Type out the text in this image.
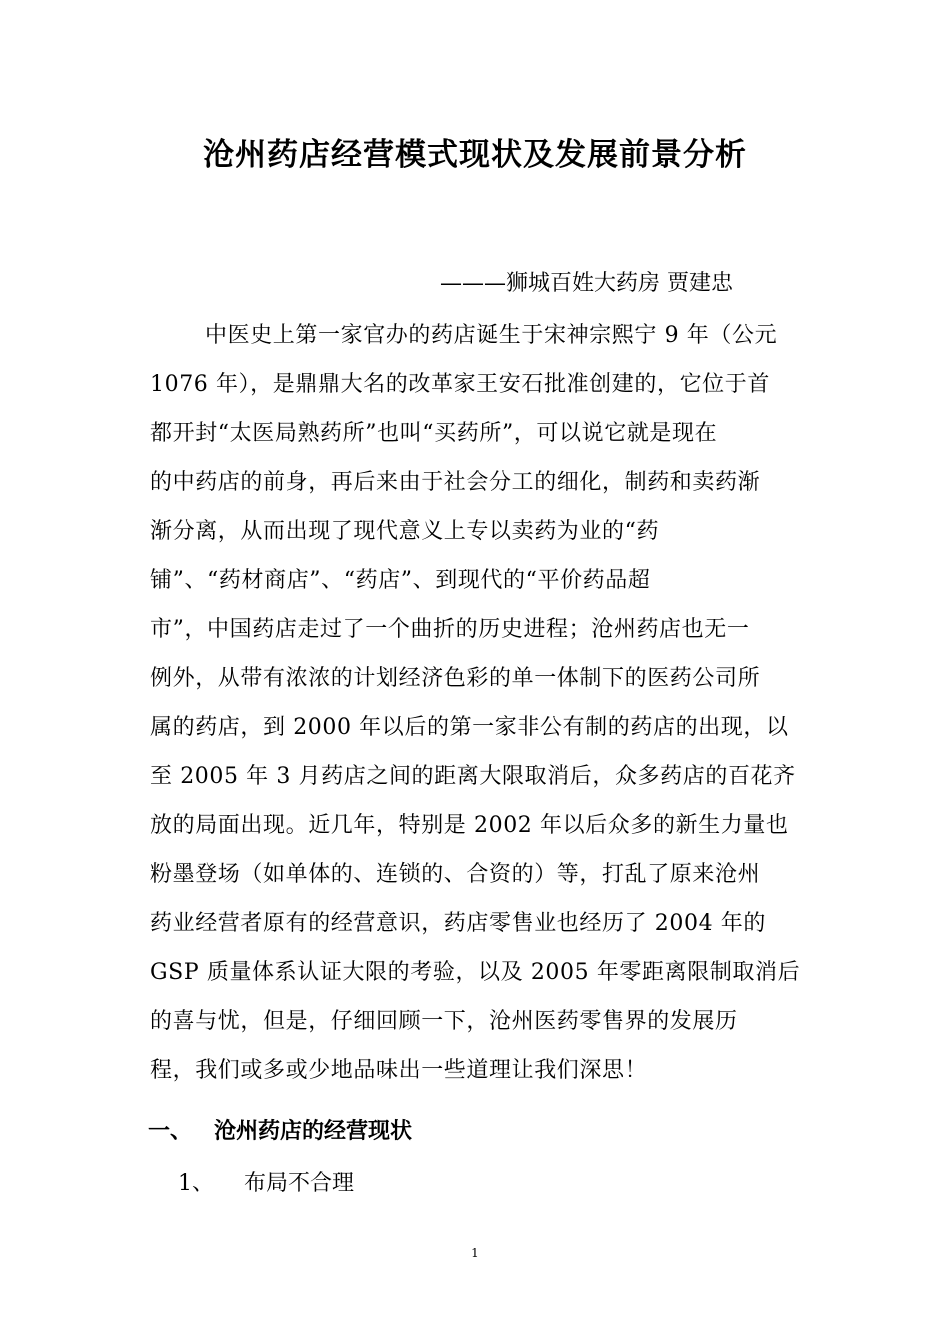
沧州药店经营模式现状及发展前景分析
———狮城百姓大药房 贾建忠
中医史上第一家官办的药店诞生于宋神宗熙宁 9 年（公元
1076 年），是鼎鼎大名的改革家王安石批准创建的，它位于首
都开封“太医局熟药所”也叫“买药所”，可以说它就是现在
的中药店的前身，再后来由于社会分工的细化，制药和卖药渐
渐分离，从而出现了现代意义上专以卖药为业的“药
铺”、“药材商店”、“药店”、到现代的“平价药品超
市”，中国药店走过了一个曲折的历史进程；沧州药店也无一
例外，从带有浓浓的计划经济色彩的单一体制下的医药公司所
属的药店，到 2000 年以后的第一家非公有制的药店的出现，以
至 2005 年 3 月药店之间的距离大限取消后，众多药店的百花齐
放的局面出现。近几年，特别是 2002 年以后众多的新生力量也
粉墨登场（如单体的、连锁的、合资的）等，打乱了原来沧州
药业经营者原有的经营意识，药店零售业也经历了 2004 年的
GSP 质量体系认证大限的考验，以及 2005 年零距离限制取消后
的喜与忧，但是，仔细回顾一下，沧州医药零售界的发展历
程，我们或多或少地品味出一些道理让我们深思！
一、 沧州药店的经营现状
1、 布局不合理
1
